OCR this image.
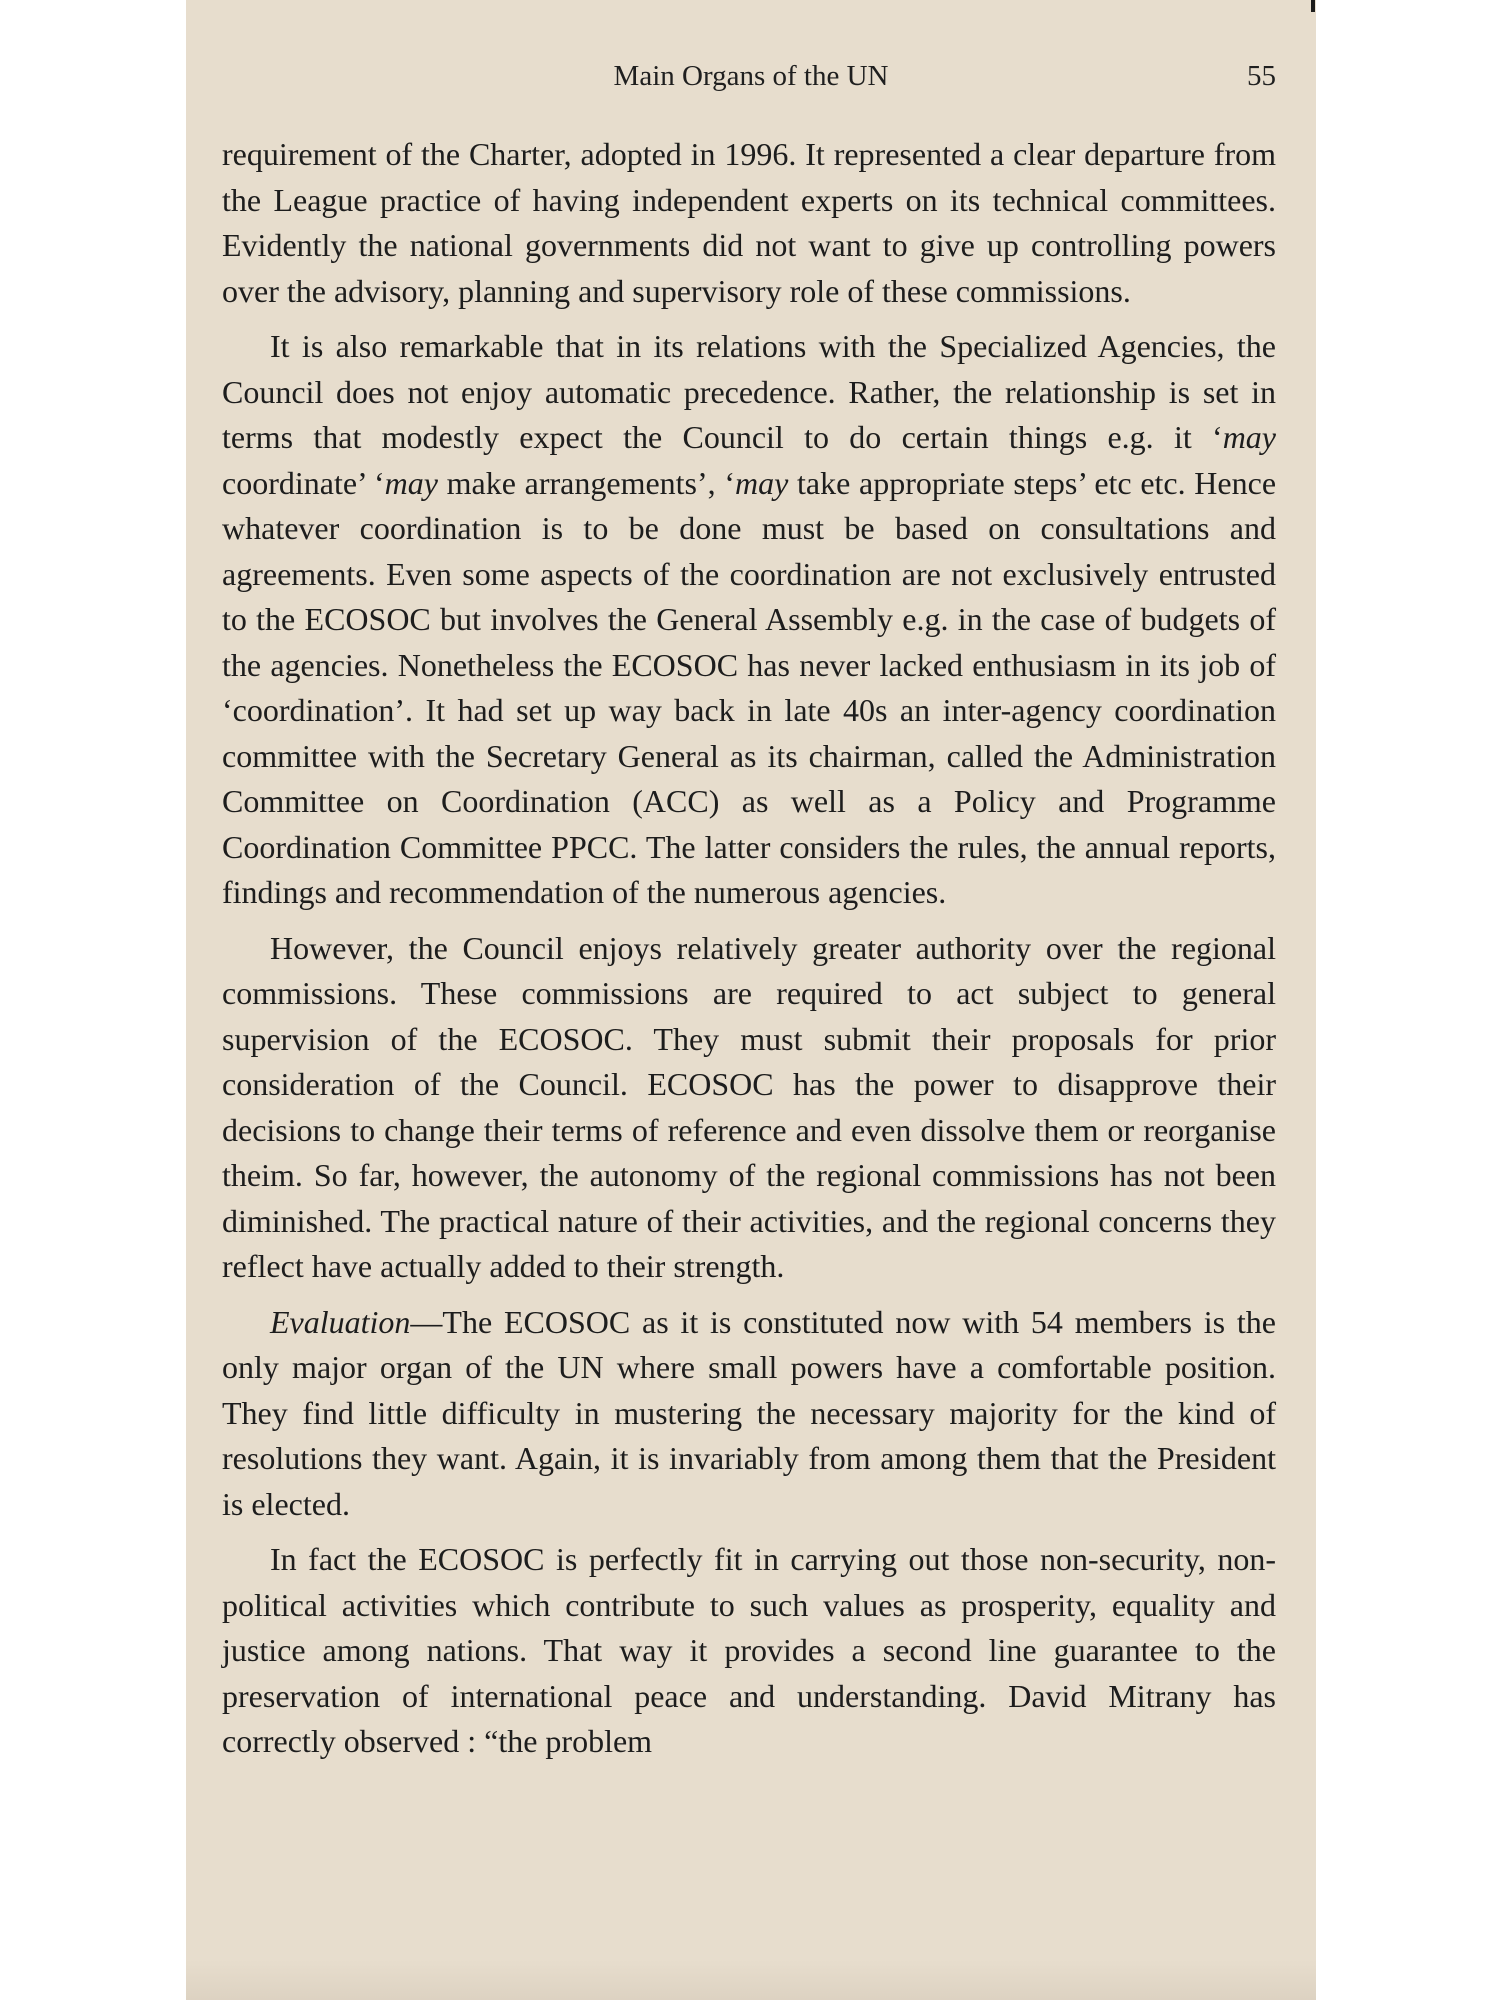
Main Organs of the UN	55

requirement of the Charter, adopted in 1996. It represented a clear departure from the League practice of having independent experts on its technical committees. Evidently the national governments did not want to give up controlling powers over the advisory, planning and supervisory role of these commissions.

It is also remarkable that in its relations with the Specialized Agencies, the Council does not enjoy automatic precedence. Rather, the relationship is set in terms that modestly expect the Council to do certain things e.g. it ‘may coordinate’ ‘may make arrangements’, ‘may take appropriate steps’ etc etc. Hence whatever coordination is to be done must be based on consultations and agreements. Even some aspects of the coordination are not exclusively entrusted to the ECOSOC but involves the General Assembly e.g. in the case of budgets of the agencies. Nonetheless the ECOSOC has never lacked enthusiasm in its job of ‘coordination’. It had set up way back in late 40s an inter-agency coordination committee with the Secretary General as its chairman, called the Administration Committee on Coordination (ACC) as well as a Policy and Programme Coordination Committee PPCC. The latter considers the rules, the annual reports, findings and recommendation of the numerous agencies.

However, the Council enjoys relatively greater authority over the regional commissions. These commissions are required to act subject to general supervision of the ECOSOC. They must submit their proposals for prior consideration of the Council. ECOSOC has the power to disapprove their decisions to change their terms of reference and even dissolve them or reorganise theim. So far, however, the autonomy of the regional commissions has not been diminished. The practical nature of their activities, and the regional concerns they reflect have actually added to their strength.

Evaluation—The ECOSOC as it is constituted now with 54 members is the only major organ of the UN where small powers have a comfortable position. They find little difficulty in mustering the necessary majority for the kind of resolutions they want. Again, it is invariably from among them that the President is elected.

In fact the ECOSOC is perfectly fit in carrying out those non-security, non-political activities which contribute to such values as prosperity, equality and justice among nations. That way it provides a second line guarantee to the preservation of international peace and understanding. David Mitrany has correctly observed : “the problem
